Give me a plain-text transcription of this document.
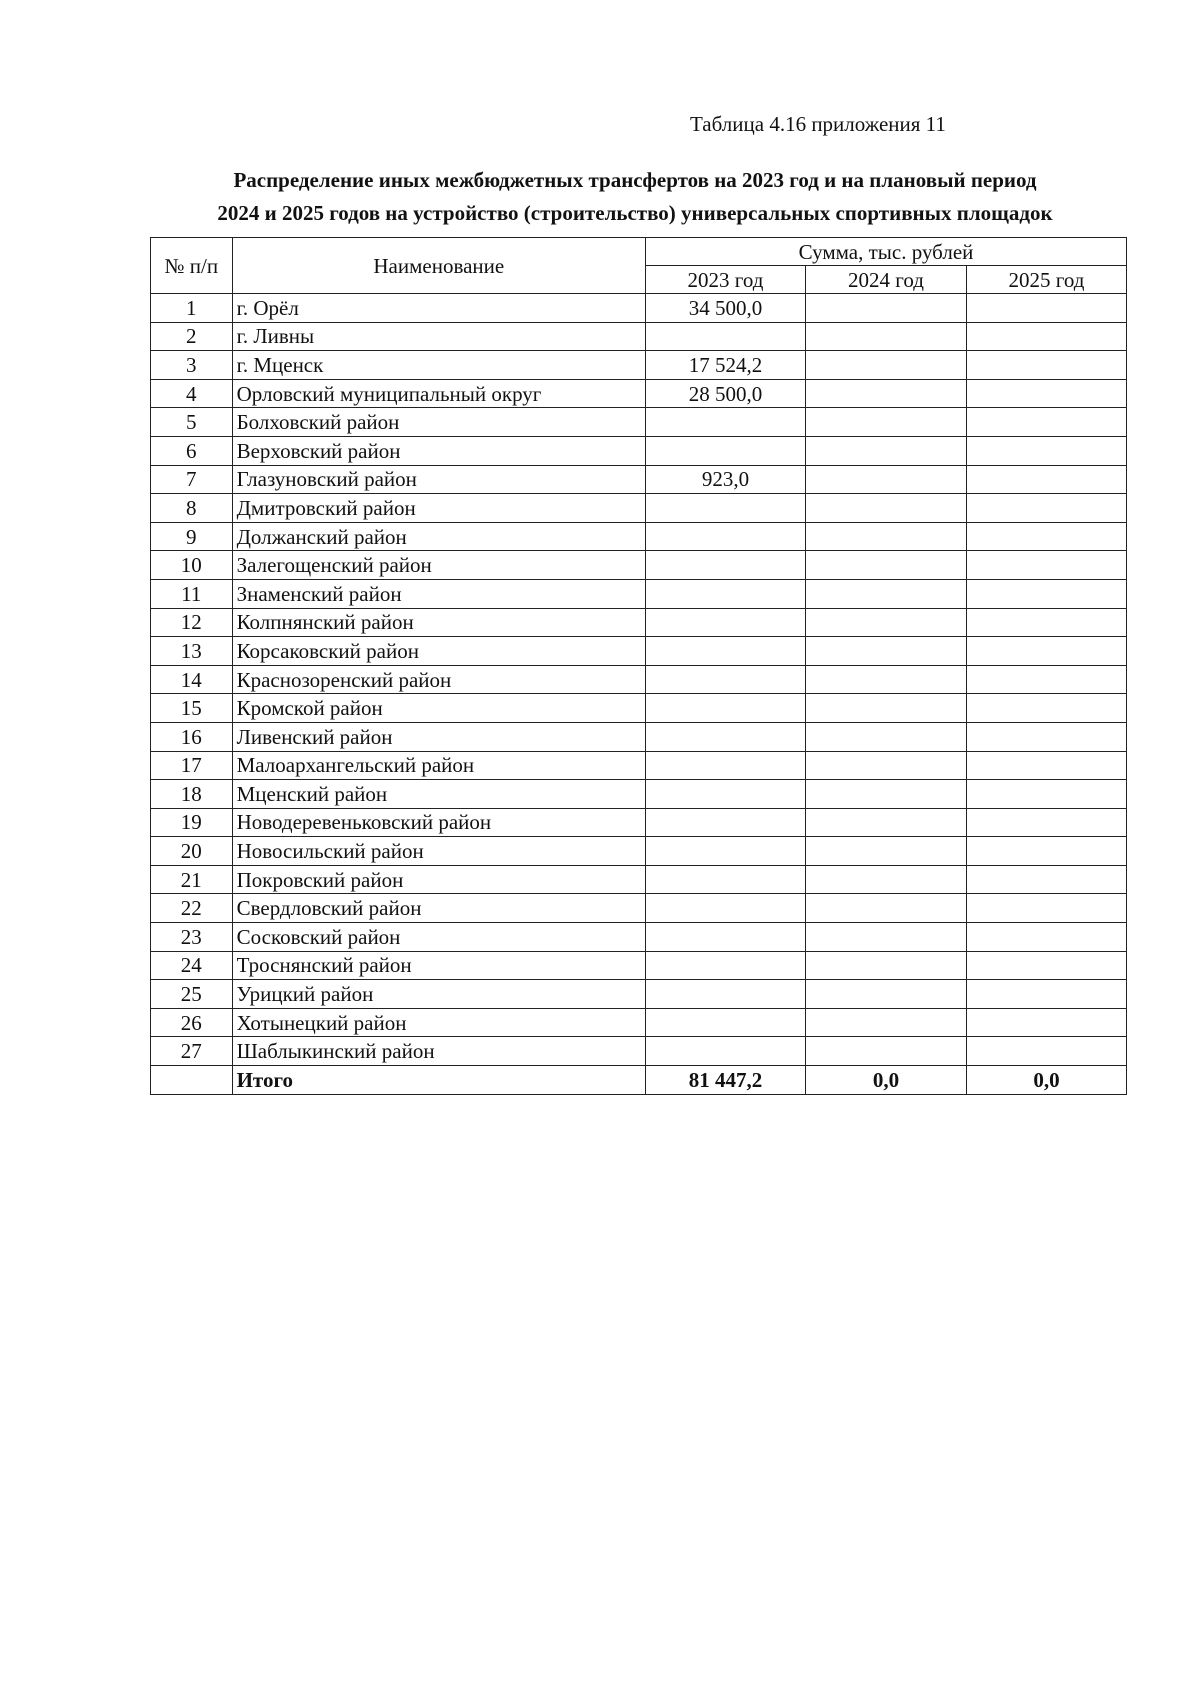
Таблица 4.16 приложения 11
Распределение иных межбюджетных трансфертов на 2023 год и на плановый период
2024 и 2025 годов на устройство (строительство) универсальных спортивных площадок
№ п/п	Наименование	Сумма, тыс. рублей		
		2023 год	2024 год	2025 год
1	г. Орёл	34 500,0		
2	г. Ливны			
3	г. Мценск	17 524,2		
4	Орловский муниципальный округ	28 500,0		
5	Болховский район			
6	Верховский район			
7	Глазуновский район	923,0		
8	Дмитровский район			
9	Должанский район			
10	Залегощенский район			
11	Знаменский район			
12	Колпнянский район			
13	Корсаковский район			
14	Краснозоренский район			
15	Кромской район			
16	Ливенский район			
17	Малоархангельский район			
18	Мценский район			
19	Новодеревеньковский район			
20	Новосильский район			
21	Покровский район			
22	Свердловский район			
23	Сосковский район			
24	Троснянский район			
25	Урицкий район			
26	Хотынецкий район			
27	Шаблыкинский район			
	Итого	81 447,2	0,0	0,0
